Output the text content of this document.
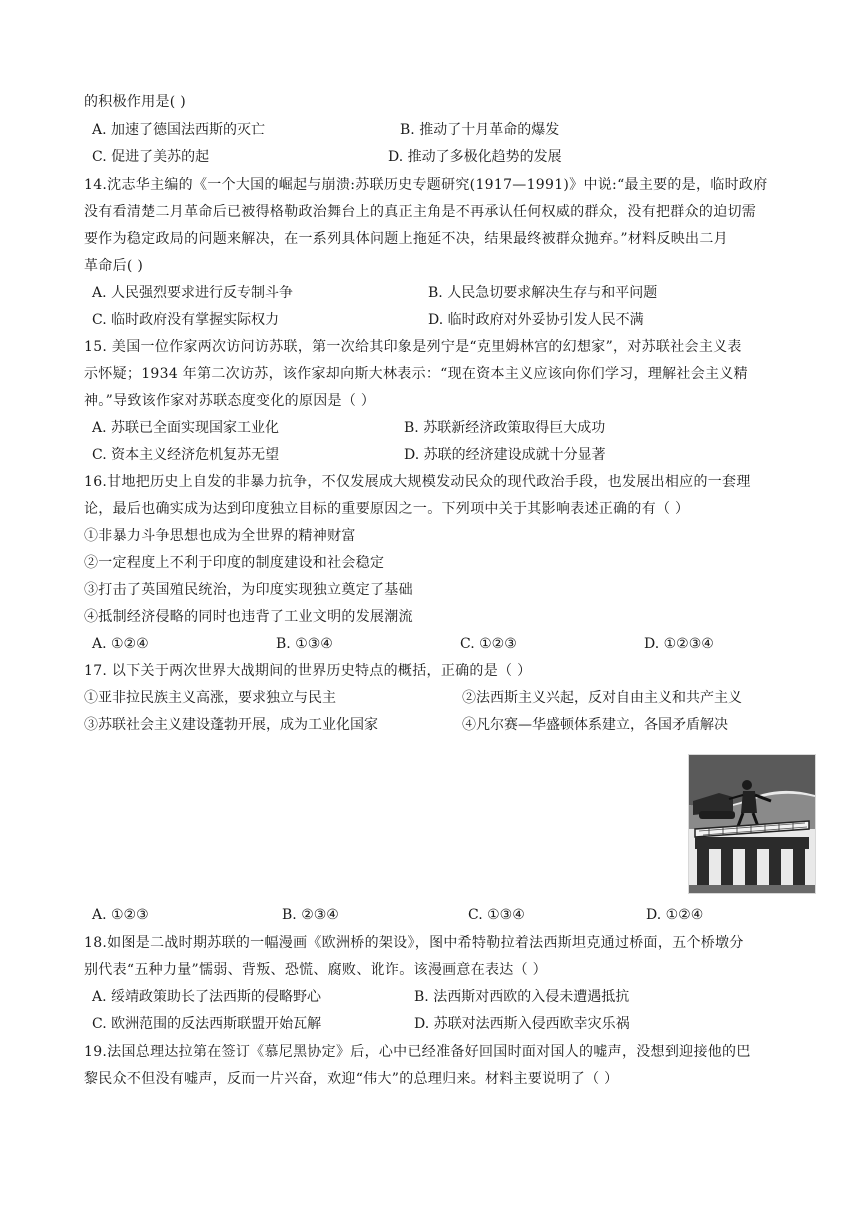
的积极作用是( )
A. 加速了德国法西斯的灭亡	B. 推动了十月革命的爆发
C. 促进了美苏的起	D. 推动了多极化趋势的发展
14.沈志华主编的《一个大国的崛起与崩溃:苏联历史专题研究(1917—1991)》中说:“最主要的是，临时政府
没有看清楚二月革命后已被得格勒政治舞台上的真正主角是不再承认任何权威的群众，没有把群众的迫切需
要作为稳定政局的问题来解决，在一系列具体问题上拖延不决，结果最终被群众抛弃。”材料反映出二月
革命后( )
A. 人民强烈要求进行反专制斗争	B. 人民急切要求解决生存与和平问题
C. 临时政府没有掌握实际权力	D. 临时政府对外妥协引发人民不满
15. 美国一位作家两次访问访苏联，第一次给其印象是列宁是“克里姆林宫的幻想家”，对苏联社会主义表
示怀疑；1934 年第二次访苏，该作家却向斯大林表示：“现在资本主义应该向你们学习，理解社会主义精
神。”导致该作家对苏联态度变化的原因是（ ）
A. 苏联已全面实现国家工业化	B. 苏联新经济政策取得巨大成功
C. 资本主义经济危机复苏无望	D. 苏联的经济建设成就十分显著
16.甘地把历史上自发的非暴力抗争，不仅发展成大规模发动民众的现代政治手段，也发展出相应的一套理
论，最后也确实成为达到印度独立目标的重要原因之一。下列项中关于其影响表述正确的有（ ）
①非暴力斗争思想也成为全世界的精神财富
②一定程度上不利于印度的制度建设和社会稳定
③打击了英国殖民统治，为印度实现独立奠定了基础
④抵制经济侵略的同时也违背了工业文明的发展潮流
A. ①②④	B. ①③④	C. ①②③	D. ①②③④
17. 以下关于两次世界大战期间的世界历史特点的概括，正确的是（ ）
①亚非拉民族主义高涨，要求独立与民主	②法西斯主义兴起，反对自由主义和共产主义
③苏联社会主义建设蓬勃开展，成为工业化国家	④凡尔赛—华盛顿体系建立，各国矛盾解决
A. ①②③	B. ②③④	C. ①③④	D. ①②④
18.如图是二战时期苏联的一幅漫画《欧洲桥的架设》，图中希特勒拉着法西斯坦克通过桥面，五个桥墩分
别代表“五种力量”懦弱、背叛、恐慌、腐败、讹诈。该漫画意在表达（ ）
A. 绥靖政策助长了法西斯的侵略野心	B. 法西斯对西欧的入侵未遭遇抵抗
C. 欧洲范围的反法西斯联盟开始瓦解	D. 苏联对法西斯入侵西欧幸灾乐祸
19.法国总理达拉第在签订《慕尼黑协定》后，心中已经准备好回国时面对国人的嘘声，没想到迎接他的巴
黎民众不但没有嘘声，反而一片兴奋，欢迎“伟大”的总理归来。材料主要说明了（ ）
